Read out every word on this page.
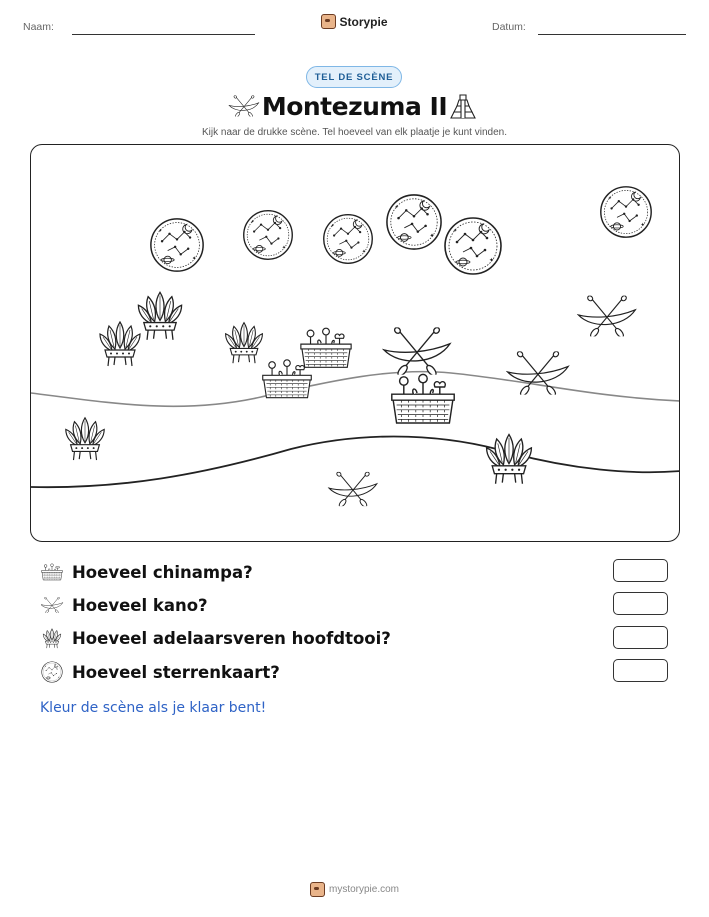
Naam:	Storypie	Datum:
TEL DE SCÈNE
Montezuma II
Kijk naar de drukke scène. Tel hoeveel van elk plaatje je kunt vinden.
Hoeveel chinampa?
Hoeveel kano?
Hoeveel adelaarsveren hoofdtooi?
Hoeveel sterrenkaart?
Kleur de scène als je klaar bent!
mystorypie.com
